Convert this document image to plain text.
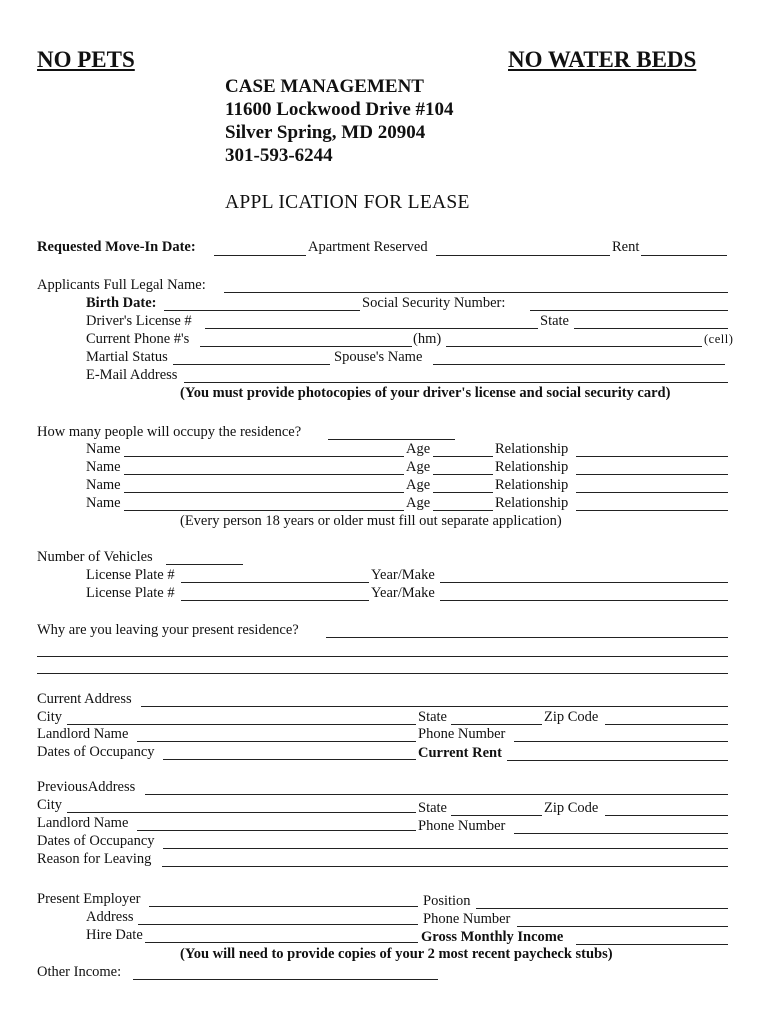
NO PETS	NO WATER BEDS
CASE MANAGEMENT
11600 Lockwood Drive #104
Silver Spring, MD 20904
301-593-6244
APPL ICATION FOR LEASE
Requested Move-In Date:	Apartment Reserved	Rent
Applicants Full Legal Name:
Birth Date:	Social Security Number:
Driver's License #	State
Current Phone #'s	(hm)	(cell)
Martial Status	Spouse's Name
E-Mail Address
(You must provide photocopies of your driver's license and social security card)
How many people will occupy the residence?
Name	Age	Relationship
Name	Age	Relationship
Name	Age	Relationship
Name	Age	Relationship
(Every person 18 years or older must fill out separate application)
Number of Vehicles
License Plate #	Year/Make
License Plate #	Year/Make
Why are you leaving your present residence?
Current Address
City	State	Zip Code
Landlord Name	Phone Number
Dates of Occupancy	Current Rent
PreviousAddress
City	State	Zip Code
Landlord Name	Phone Number
Dates of Occupancy
Reason for Leaving
Present Employer	Position
Address	Phone Number
Hire Date	Gross Monthly Income
(You will need to provide copies of your 2 most recent paycheck stubs)
Other Income:
